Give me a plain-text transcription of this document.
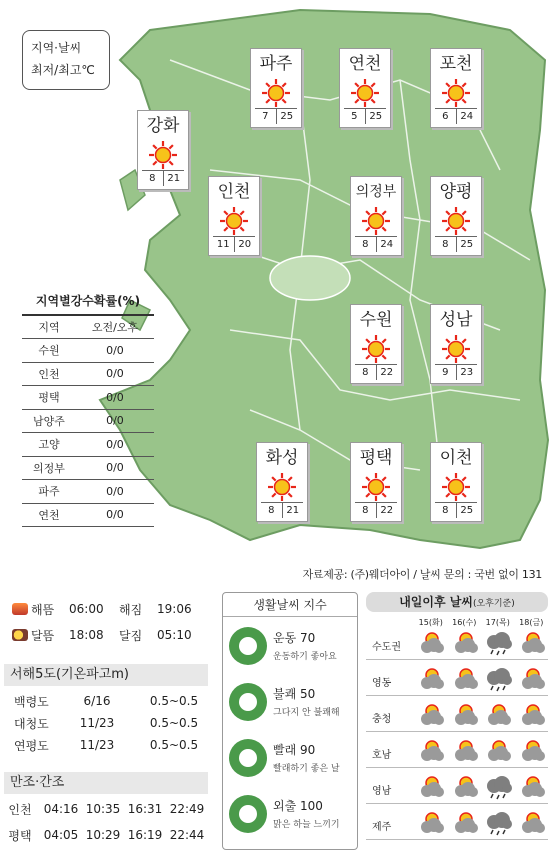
지역·날씨
최저/최고℃
강화
8	21
파주
7	25
연천
5	25
포천
6	24
인천
11 20
의정부
8	24
양평
8	25
수원
8	22
성남
9	23
화성
8	21
평택
8	22
이천
8	25
지역별강수확률(%)
지역	오전/오후
수원	0/0
인천	0/0
평택	0/0
남양주	0/0
고양	0/0
의정부	0/0
파주	0/0
연천	0/0
자료제공: (주)웨더아이 / 날씨 문의 : 국번 없이 131
해뜸	06:00	해짐	19:06
달뜸	18:08	달짐	05:10
서해5도(기온파고m)
백령도	6/16	0.5~0.5
대청도	11/23	0.5~0.5
연평도	11/23	0.5~0.5
만조·간조
인천	04:16 10:35 16:31 22:49
평택	04:05 10:29 16:19 22:44
생활날씨 지수
운동 70
운동하기 좋아요
불쾌 50
그다지 안 불쾌해
빨래 90
빨래하기 좋은 날
외출 100
맑은 하늘 느끼기
내일이후 날씨(오후기준)
15(화)	16(수)	17(목)	18(금)
수도권
영동
충청
호남
영남
제주
